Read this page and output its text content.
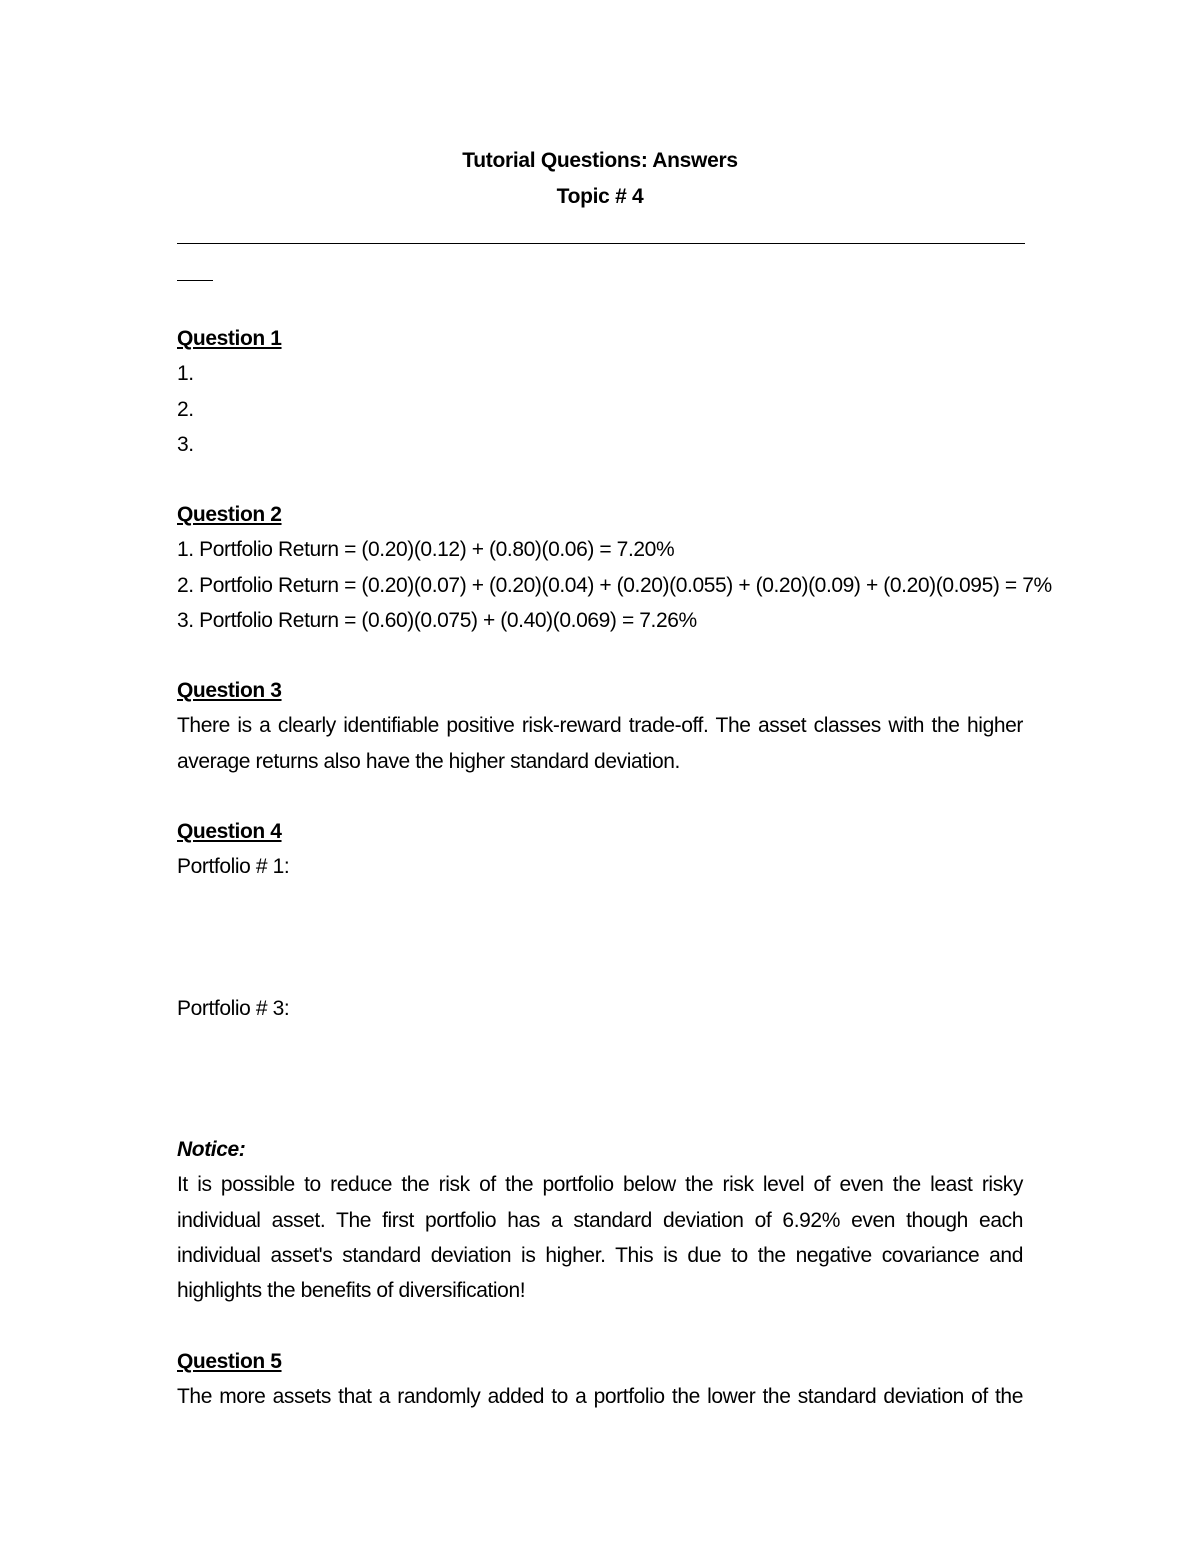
Tutorial Questions: Answers
Topic # 4
Question 1
1.
2.
3.
Question 2
1. Portfolio Return = (0.20)(0.12) + (0.80)(0.06) = 7.20%
2. Portfolio Return = (0.20)(0.07) + (0.20)(0.04) + (0.20)(0.055) + (0.20)(0.09) + (0.20)(0.095) = 7%
3. Portfolio Return = (0.60)(0.075) + (0.40)(0.069) = 7.26%
Question 3
There is a clearly identifiable positive risk-reward trade-off. The asset classes with the higher average returns also have the higher standard deviation.
Question 4
Portfolio # 1:
Portfolio # 3:
Notice:
It is possible to reduce the risk of the portfolio below the risk level of even the least risky individual asset. The first portfolio has a standard deviation of 6.92% even though each individual asset's standard deviation is higher. This is due to the negative covariance and highlights the benefits of diversification!
Question 5
The more assets that a randomly added to a portfolio the lower the standard deviation of the
